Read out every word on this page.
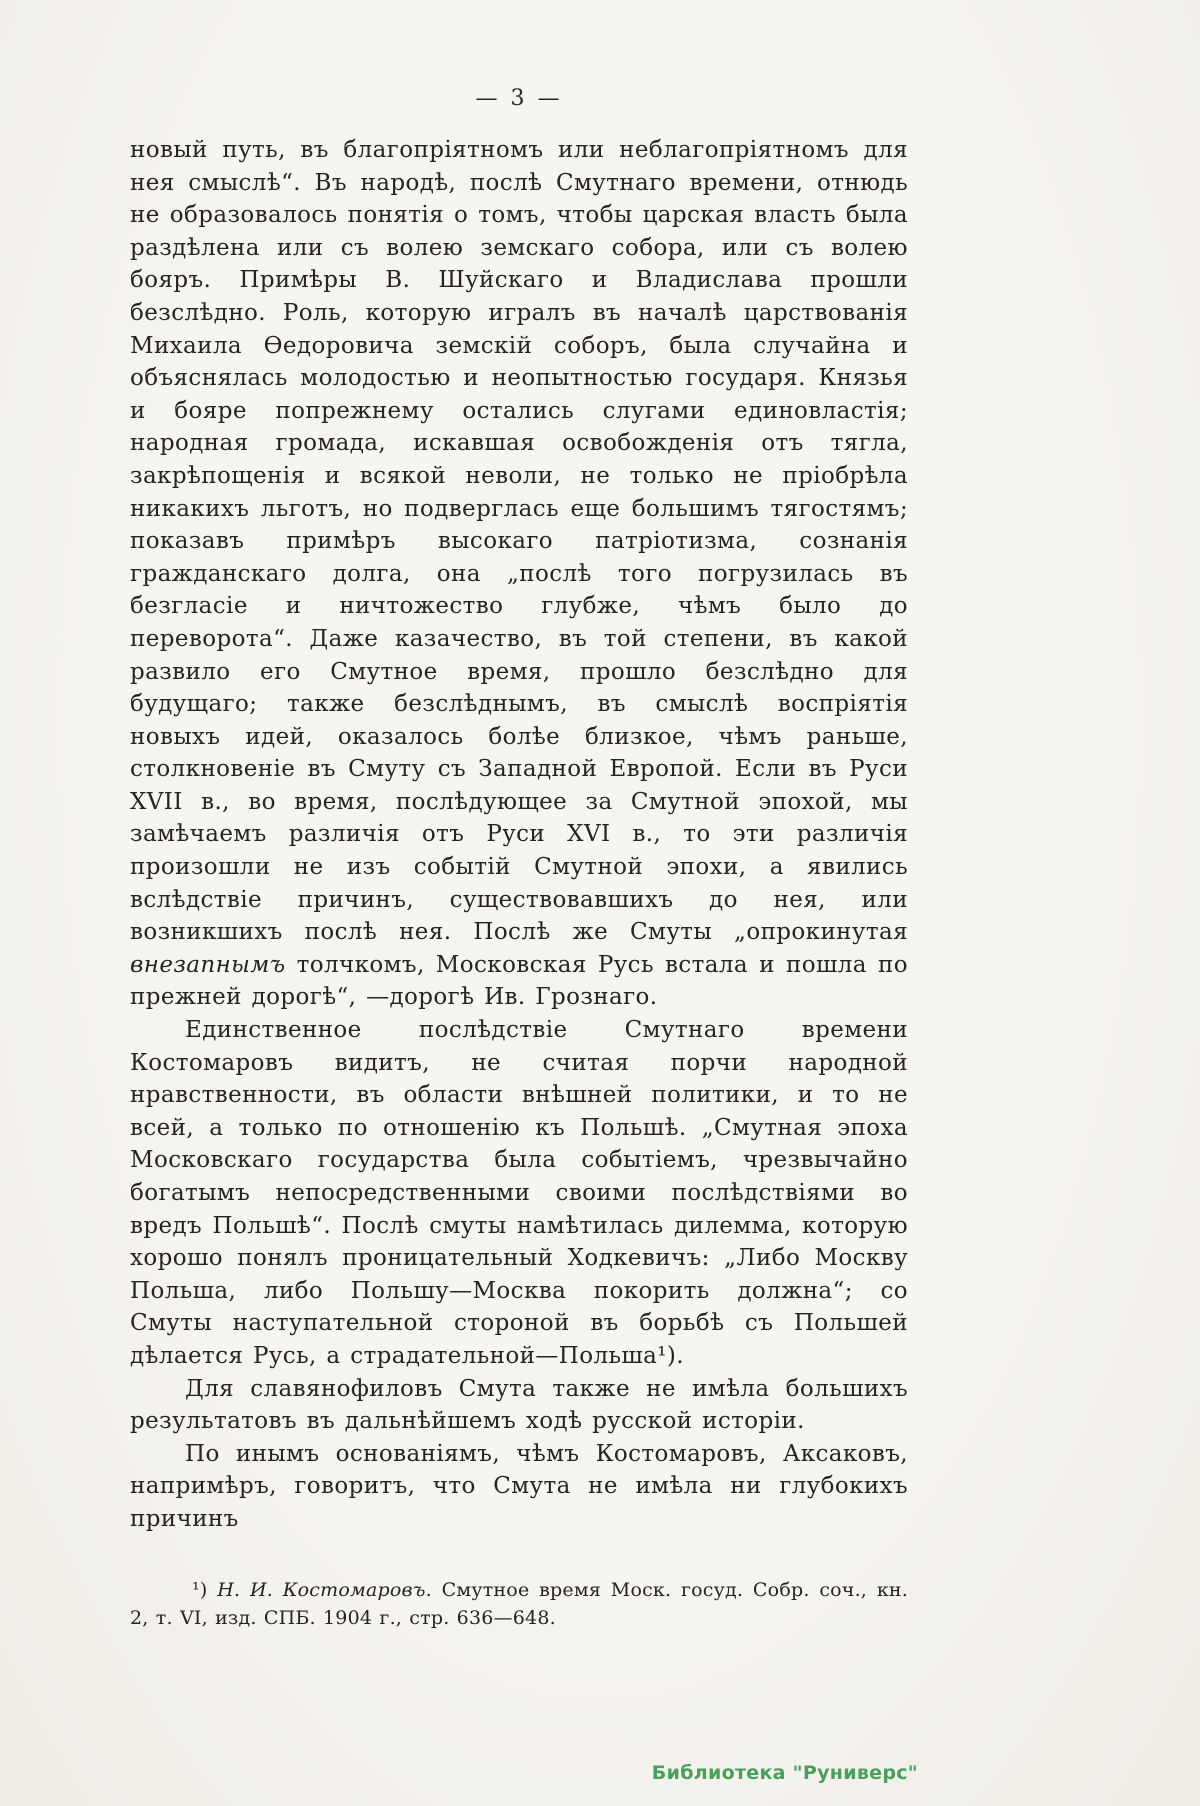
— 3 —

новый путь, въ благопріятномъ или неблагопріятномъ для нея смыслѣ“. Въ народѣ, послѣ Смутнаго времени, отнюдь не образовалось понятія о томъ, чтобы царская власть была раздѣлена или съ волею земскаго собора, или съ волею бояръ. Примѣры В. Шуйскаго и Владислава прошли безслѣдно. Роль, которую игралъ въ началѣ царствованія Михаила Ѳедоровича земскій соборъ, была случайна и объяснялась молодостью и неопытностью государя. Князья и бояре попрежнему остались слугами единовластія; народная громада, искавшая освобожденія отъ тягла, закрѣпощенія и всякой неволи, не только не пріобрѣла никакихъ льготъ, но подверглась еще большимъ тягостямъ; показавъ примѣръ высокаго патріотизма, сознанія гражданскаго долга, она „послѣ того погрузилась въ безгласіе и ничтожество глубже, чѣмъ было до переворота“. Даже казачество, въ той степени, въ какой развило его Смутное время, прошло безслѣдно для будущаго; также безслѣднымъ, въ смыслѣ воспріятія новыхъ идей, оказалось болѣе близкое, чѣмъ раньше, столкновеніе въ Смуту съ Западной Европой. Если въ Руси XVII в., во время, послѣдующее за Смутной эпохой, мы замѣчаемъ различія отъ Руси XVI в., то эти различія произошли не изъ событій Смутной эпохи, а явились вслѣдствіе причинъ, существовавшихъ до нея, или возникшихъ послѣ нея. Послѣ же Смуты „опрокинутая внезапнымъ толчкомъ, Московская Русь встала и пошла по прежней дорогѣ“, —дорогѣ Ив. Грознаго.

Единственное послѣдствіе Смутнаго времени Костомаровъ видитъ, не считая порчи народной нравственности, въ области внѣшней политики, и то не всей, а только по отношенію къ Польшѣ. „Смутная эпоха Московскаго государства была событіемъ, чрезвычайно богатымъ непосредственными своими послѣдствіями во вредъ Польшѣ“. Послѣ смуты намѣтилась дилемма, которую хорошо понялъ проницательный Ходкевичъ: „Либо Москву Польша, либо Польшу—Москва покорить должна“; со Смуты наступательной стороной въ борьбѣ съ Польшей дѣлается Русь, а страдательной—Польша¹).

Для славянофиловъ Смута также не имѣла большихъ результатовъ въ дальнѣйшемъ ходѣ русской исторіи.

По инымъ основаніямъ, чѣмъ Костомаровъ, Аксаковъ, напримѣръ, говоритъ, что Смута не имѣла ни глубокихъ причинъ

¹) Н. И. Костомаровъ. Смутное время Моск. госуд. Собр. соч., кн. 2, т. VI, изд. СПБ. 1904 г., стр. 636—648.

Библиотека "Руниверс"
